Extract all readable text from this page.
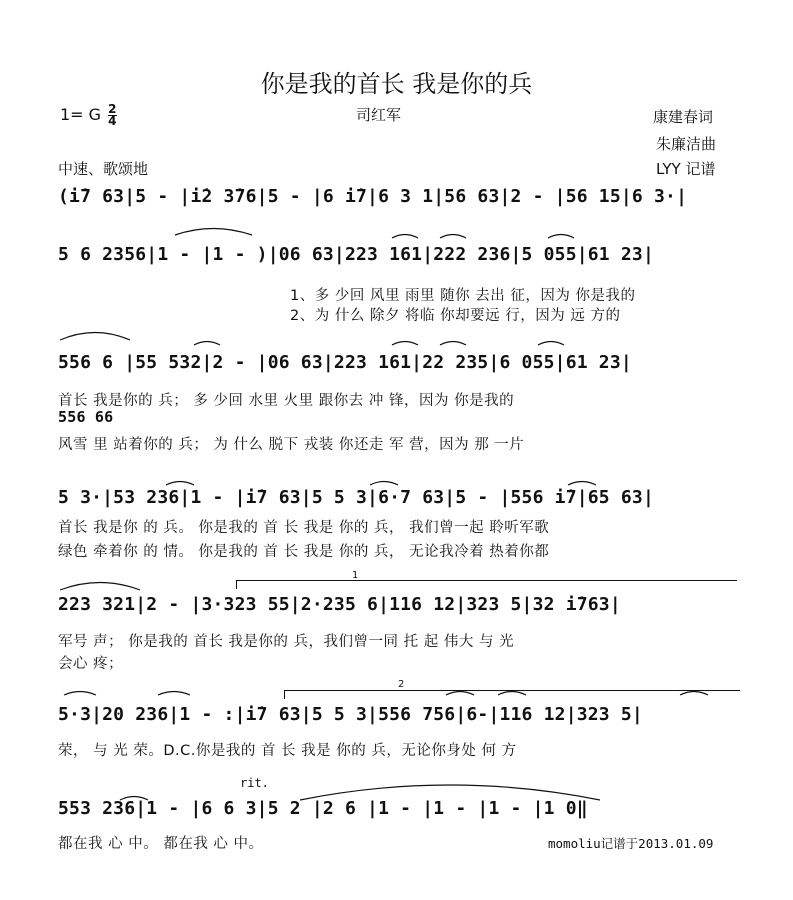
你是我的首长 我是你的兵
1= G $\frac{2}{4}$	司红军	康建春词
朱廉洁曲
中速、歌颂地	LYY 记谱
(i̇7 63|5 - |i̇2 3̇76|5 - |6 i̇7|6 3 1|56 63|2 - |56 15|6 3·|
5 6 2356|1 - |1 - )|06 63|223 161|222 236|5 055|61 23|
1、多 少回 风里 雨里 随你 去出 征，因为 你是我的
2、为 什么 除夕 将临 你却要远 行，因为 远 方的
556 6 |55 532|2 - |06 63|223 161|22 235|6 055|61 23|
首长 我是你的 兵； 多 少回 水里 火里 跟你去 冲 锋，因为 你是我的
556 66
风雪 里 站着你的 兵； 为 什么 脱下 戎装 你还走 军 营，因为 那 一片
5 3·|53 236|1 - |i̇7 63|5 5 3|6·7 63|5 - |556 i̇7|65 63|
首长 我是你 的 兵。 你是我的 首 长 我是 你的 兵， 我们曾一起 聆听军歌
绿色 牵着你 的 情。 你是我的 首 长 我是 你的 兵， 无论我冷着 热着你都
1
223 321|2 - |3·323 55|2·235 6|116 12|323 5|32 i̇763|
军号 声； 你是我的 首长 我是你的 兵，我们曾一同 托 起 伟大 与 光
会心 疼；
2
5·3|20 236|1 - :|i̇7 63|5 5 3|556 756|6-|116 12|323 5|
荣， 与 光 荣。D.C.你是我的 首 长 我是 你的 兵，无论你身处 何 方
rit.
553 236|1 - |6 6 3|5 2 |2 6 |1 - |1 - |1 - |1 0‖
都在我 心 中。 都在我 心 中。	momoliu记谱于2013.01.09
